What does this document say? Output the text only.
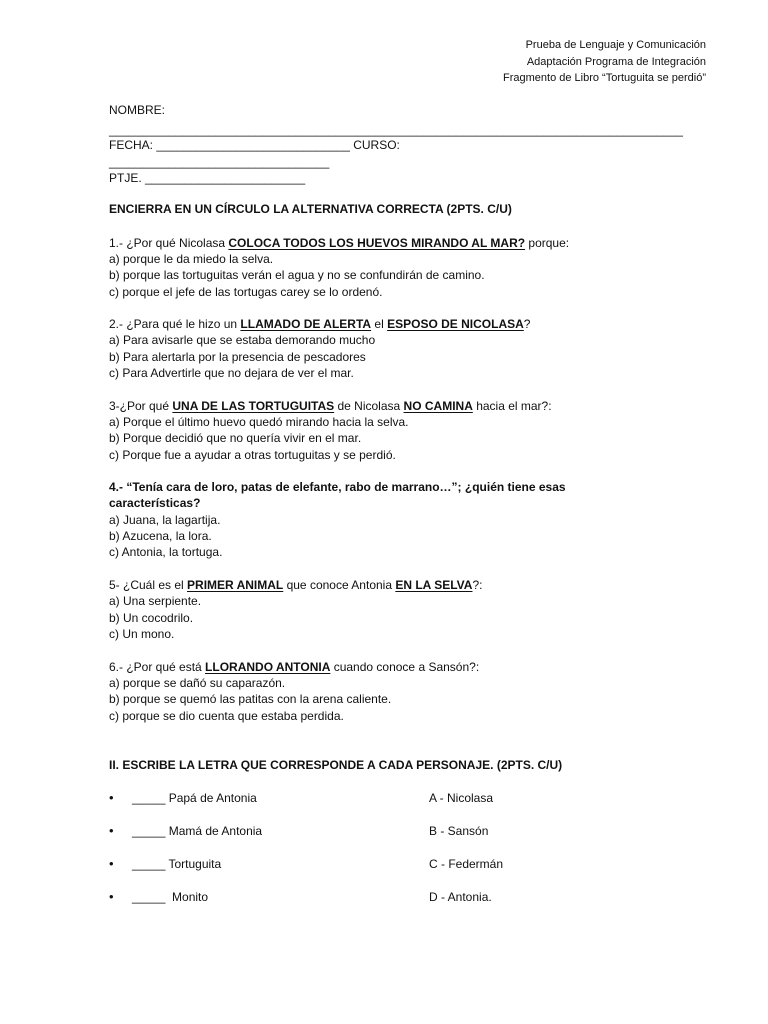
Prueba de Lenguaje y Comunicación
Adaptación Programa de Integración
Fragmento de Libro “Tortuguita se perdió”
NOMBRE:
______________________________________________________________________________________
FECHA: _____________________________ CURSO:
_________________________________
PTJE. ________________________
ENCIERRA EN UN CÍRCULO LA ALTERNATIVA CORRECTA (2PTS. C/U)
1.- ¿Por qué Nicolasa COLOCA TODOS LOS HUEVOS MIRANDO AL MAR? porque:
a) porque le da miedo la selva.
b) porque las tortuguitas verán el agua y no se confundirán de camino.
c) porque el jefe de las tortugas carey se lo ordenó.
2.- ¿Para qué le hizo un LLAMADO DE ALERTA el ESPOSO DE NICOLASA?
a) Para avisarle que se estaba demorando mucho
b) Para alertarla por la presencia de pescadores
c) Para Advertirle que no dejara de ver el mar.
3-¿Por qué UNA DE LAS TORTUGUITAS de Nicolasa NO CAMINA hacia el mar?:
a) Porque el último huevo quedó mirando hacia la selva.
b) Porque decidió que no quería vivir en el mar.
c) Porque fue a ayudar a otras tortuguitas y se perdió.
4.- “Tenía cara de loro, patas de elefante, rabo de marrano…”; ¿quién tiene esas
características?
a) Juana, la lagartija.
b) Azucena, la lora.
c) Antonia, la tortuga.
5- ¿Cuál es el PRIMER ANIMAL que conoce Antonia EN LA SELVA?:
a) Una serpiente.
b) Un cocodrilo.
c) Un mono.
6.- ¿Por qué está LLORANDO ANTONIA cuando conoce a Sansón?:
a) porque se dañó su caparazón.
b) porque se quemó las patitas con la arena caliente.
c) porque se dio cuenta que estaba perdida.
II. ESCRIBE LA LETRA QUE CORRESPONDE A CADA PERSONAJE. (2PTS. C/U)
• _____ Papá de Antonia	A - Nicolasa
• _____ Mamá de Antonia	B - Sansón
• _____ Tortuguita	C - Federmán
• _____  Monito	D - Antonia.
